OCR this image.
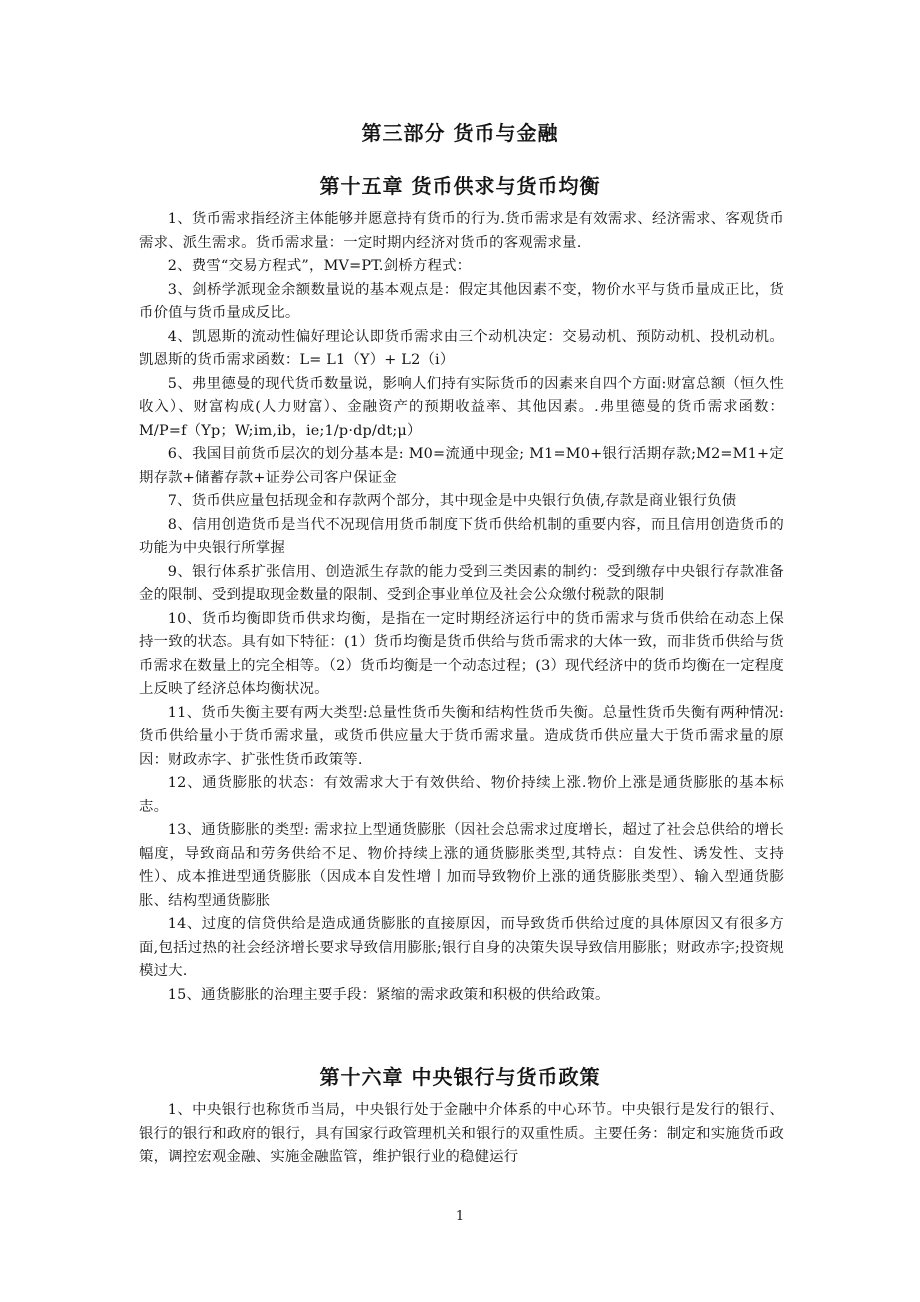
第三部分 货币与金融
第十五章 货币供求与货币均衡

1、货币需求指经济主体能够并愿意持有货币的行为.货币需求是有效需求、经济需求、客观货币需求、派生需求。货币需求量：一定时期内经济对货币的客观需求量.

2、费雪“交易方程式”，MV=PT.剑桥方程式：

3、剑桥学派现金余额数量说的基本观点是：假定其他因素不变，物价水平与货币量成正比，货币价值与货币量成反比。

4、凯恩斯的流动性偏好理论认即货币需求由三个动机决定：交易动机、预防动机、投机动机。凯恩斯的货币需求函数：L= L1（Y）+ L2（i）

5、弗里德曼的现代货币数量说，影响人们持有实际货币的因素来自四个方面:财富总额（恒久性收入）、财富构成(人力财富）、金融资产的预期收益率、其他因素。.弗里德曼的货币需求函数：M/P=f（Yp；W;im,ib，ie;1/p·dp/dt;μ）

6、我国目前货币层次的划分基本是: M0=流通中现金; M1=M0+银行活期存款;M2=M1+定期存款+储蓄存款+证券公司客户保证金

7、货币供应量包括现金和存款两个部分，其中现金是中央银行负债,存款是商业银行负债

8、信用创造货币是当代不况现信用货币制度下货币供给机制的重要内容，而且信用创造货币的功能为中央银行所掌握

9、银行体系扩张信用、创造派生存款的能力受到三类因素的制约：受到缴存中央银行存款准备金的限制、受到提取现金数量的限制、受到企事业单位及社会公众缴付税款的限制

10、货币均衡即货币供求均衡，是指在一定时期经济运行中的货币需求与货币供给在动态上保持一致的状态。具有如下特征：(1）货币均衡是货币供给与货币需求的大体一致，而非货币供给与货币需求在数量上的完全相等。（2）货币均衡是一个动态过程；(3）现代经济中的货币均衡在一定程度上反映了经济总体均衡状况。

11、货币失衡主要有两大类型:总量性货币失衡和结构性货币失衡。总量性货币失衡有两种情况: 货币供给量小于货币需求量，或货币供应量大于货币需求量。造成货币供应量大于货币需求量的原因：财政赤字、扩张性货币政策等.

12、通货膨胀的状态：有效需求大于有效供给、物价持续上涨.物价上涨是通货膨胀的基本标志。

13、通货膨胀的类型: 需求拉上型通货膨胀（因社会总需求过度增长，超过了社会总供给的增长幅度，导致商品和劳务供给不足、物价持续上涨的通货膨胀类型,其特点：自发性、诱发性、支持性）、成本推进型通货膨胀（因成本自发性增丨加而导致物价上涨的通货膨胀类型）、输入型通货膨胀、结构型通货膨胀

14、过度的信贷供给是造成通货膨胀的直接原因，而导致货币供给过度的具体原因又有很多方面,包括过热的社会经济增长要求导致信用膨胀;银行自身的决策失误导致信用膨胀；财政赤字;投资规模过大.

15、通货膨胀的治理主要手段：紧缩的需求政策和积极的供给政策。

第十六章 中央银行与货币政策

1、中央银行也称货币当局，中央银行处于金融中介体系的中心环节。中央银行是发行的银行、银行的银行和政府的银行，具有国家行政管理机关和银行的双重性质。主要任务：制定和实施货币政策，调控宏观金融、实施金融监管，维护银行业的稳健运行

1
